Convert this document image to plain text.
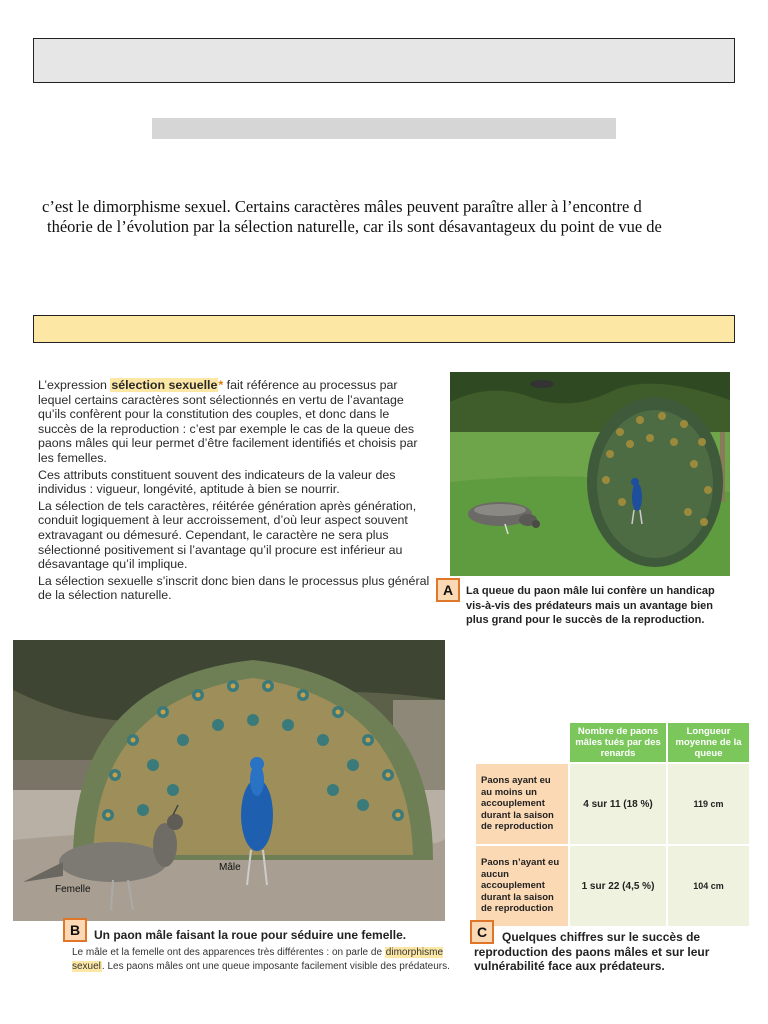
c’est le dimorphisme sexuel. Certains caractères mâles peuvent paraître aller à l’encontre d

théorie de l’évolution par la sélection naturelle, car ils sont désavantageux du point de vue de

L’expression sélection sexuelle* fait référence au processus par lequel certains caractères sont sélectionnés en vertu de l’avantage qu’ils confèrent pour la constitution des couples, et donc dans le succès de la reproduction : c’est par exemple le cas de la queue des paons mâles qui leur permet d’être facilement identifiés et choisis par les femelles.

Ces attributs constituent souvent des indicateurs de la valeur des individus : vigueur, longévité, aptitude à bien se nourrir.

La sélection de tels caractères, réitérée génération après génération, conduit logiquement à leur accroissement, d’où leur aspect souvent extravagant ou démesuré. Cependant, le caractère ne sera plus sélectionné positivement si l’avantage qu’il procure est inférieur au désavantage qu’il implique.

La sélection sexuelle s’inscrit donc bien dans le processus plus général de la sélection naturelle.	A	La queue du paon mâle lui confère un handicap vis-à-vis des prédateurs mais un avantage bien plus grand pour le succès de la reproduction.
Mâle
Femelle
B	Un paon mâle faisant la roue pour séduire une femelle.
Le mâle et la femelle ont des apparences très différentes : on parle de dimorphisme sexuel. Les paons mâles ont une queue imposante facilement visible des prédateurs.
	Nombre de paons mâles tués par des renards	Longueur moyenne de la queue
Paons ayant eu au moins un accouplement durant la saison de reproduction	4 sur 11 (18 %)	119 cm
Paons n’ayant eu aucun accouplement durant la saison de reproduction	1 sur 22 (4,5 %)	104 cm
C	Quelques chiffres sur le succès de reproduction des paons mâles et sur leur vulnérabilité face aux prédateurs.
